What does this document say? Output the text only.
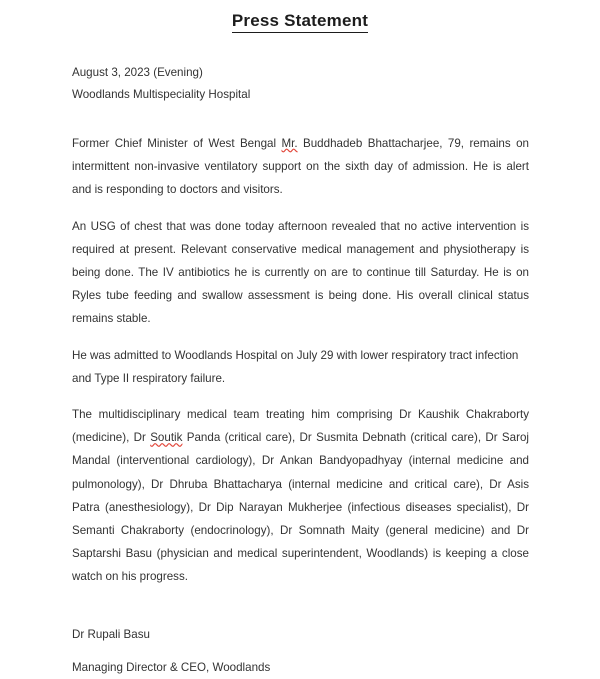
Press Statement
August 3, 2023 (Evening)
Woodlands Multispeciality Hospital

Former Chief Minister of West Bengal Mr. Buddhadeb Bhattacharjee, 79, remains on intermittent non-invasive ventilatory support on the sixth day of admission. He is alert and is responding to doctors and visitors.

An USG of chest that was done today afternoon revealed that no active intervention is required at present. Relevant conservative medical management and physiotherapy is being done. The IV antibiotics he is currently on are to continue till Saturday. He is on Ryles tube feeding and swallow assessment is being done. His overall clinical status remains stable.

He was admitted to Woodlands Hospital on July 29 with lower respiratory tract infection and Type II respiratory failure.

The multidisciplinary medical team treating him comprising Dr Kaushik Chakraborty (medicine), Dr Soutik Panda (critical care), Dr Susmita Debnath (critical care), Dr Saroj Mandal (interventional cardiology), Dr Ankan Bandyopadhyay (internal medicine and pulmonology), Dr Dhruba Bhattacharya (internal medicine and critical care), Dr Asis Patra (anesthesiology), Dr Dip Narayan Mukherjee (infectious diseases specialist), Dr Semanti Chakraborty (endocrinology), Dr Somnath Maity (general medicine) and Dr Saptarshi Basu (physician and medical superintendent, Woodlands) is keeping a close watch on his progress.

Dr Rupali Basu
Managing Director & CEO, Woodlands
